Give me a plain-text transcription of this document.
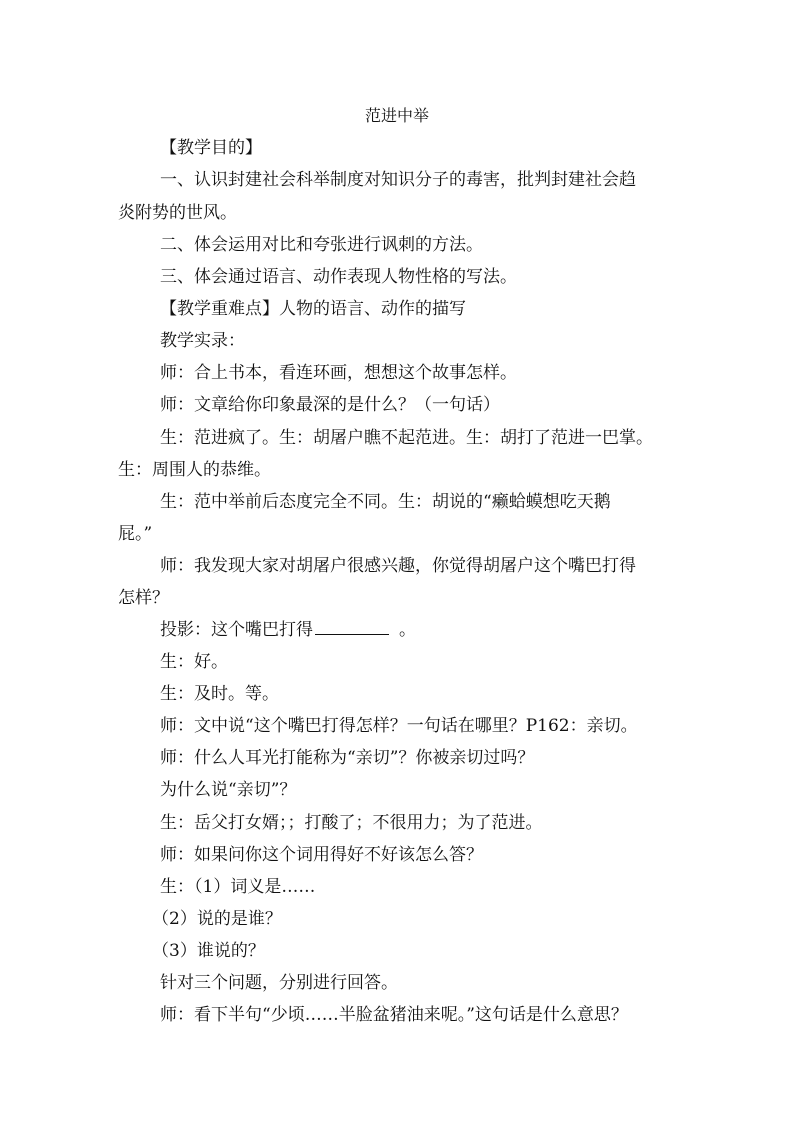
范进中举
【教学目的】
一、认识封建社会科举制度对知识分子的毒害，批判封建社会趋
炎附势的世风。
二、体会运用对比和夸张进行讽刺的方法。
三、体会通过语言、动作表现人物性格的写法。
【教学重难点】人物的语言、动作的描写
教学实录：
师：合上书本，看连环画，想想这个故事怎样。
师：文章给你印象最深的是什么？（一句话）
生：范进疯了。生：胡屠户瞧不起范进。生：胡打了范进一巴掌。
生：周围人的恭维。
生：范中举前后态度完全不同。生：胡说的“癞蛤蟆想吃天鹅
屁。”
师：我发现大家对胡屠户很感兴趣，你觉得胡屠户这个嘴巴打得
怎样？
投影：这个嘴巴打得	。
生：好。
生：及时。等。
师：文中说“这个嘴巴打得怎样？一句话在哪里？P162：亲切。
师：什么人耳光打能称为“亲切”？你被亲切过吗？
为什么说“亲切”？
生：岳父打女婿；；打酸了；不很用力；为了范进。
师：如果问你这个词用得好不好该怎么答？
生：（1）词义是……
（2）说的是谁？
（3）谁说的？
针对三个问题，分别进行回答。
师：看下半句“少顷……半脸盆猪油来呢。”这句话是什么意思？
